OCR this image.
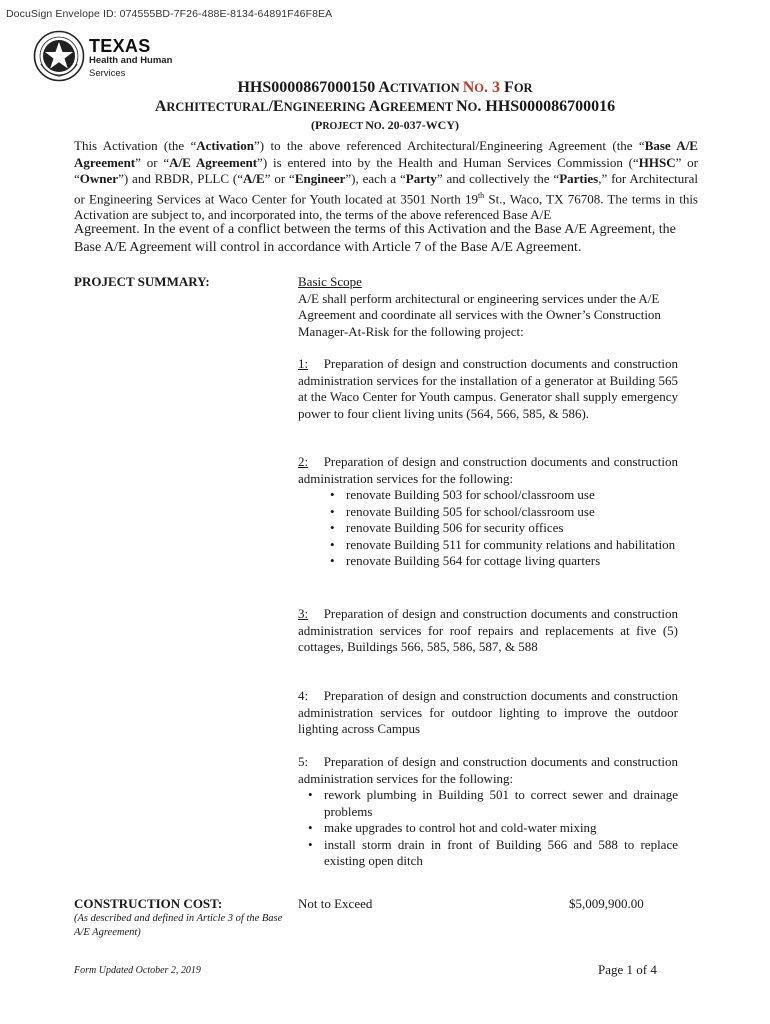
DocuSign Envelope ID: 074555BD-7F26-488E-8134-64891F46F8EA
TEXAS
Health and Human
Services
HHS0000867000150 ACTIVATION NO. 3 FOR
ARCHITECTURAL/ENGINEERING AGREEMENT NO. HHS000086700016
(PROJECT NO. 20-037-WCY)
This Activation (the “Activation”) to the above referenced Architectural/Engineering Agreement (the “Base A/E Agreement” or “A/E Agreement”) is entered into by the Health and Human Services Commission (“HHSC” or “Owner”) and RBDR, PLLC (“A/E” or “Engineer”), each a “Party” and collectively the “Parties,” for Architectural or Engineering Services at Waco Center for Youth located at 3501 North 19th St., Waco, TX 76708. The terms in this Activation are subject to, and incorporated into, the terms of the above referenced Base A/E
Agreement. In the event of a conflict between the terms of this Activation and the Base A/E Agreement, the Base A/E Agreement will control in accordance with Article 7 of the Base A/E Agreement.
PROJECT SUMMARY:	Basic Scope
A/E shall perform architectural or engineering services under the A/E Agreement and coordinate all services with the Owner’s Construction Manager-At-Risk for the following project:
1: Preparation of design and construction documents and construction administration services for the installation of a generator at Building 565 at the Waco Center for Youth campus. Generator shall supply emergency power to four client living units (564, 566, 585, & 586).
2: Preparation of design and construction documents and construction administration services for the following:
• renovate Building 503 for school/classroom use
• renovate Building 505 for school/classroom use
• renovate Building 506 for security offices
• renovate Building 511 for community relations and habilitation
• renovate Building 564 for cottage living quarters
3: Preparation of design and construction documents and construction administration services for roof repairs and replacements at five (5) cottages, Buildings 566, 585, 586, 587, & 588
4: Preparation of design and construction documents and construction administration services for outdoor lighting to improve the outdoor lighting across Campus
5: Preparation of design and construction documents and construction administration services for the following:
• rework plumbing in Building 501 to correct sewer and drainage problems
• make upgrades to control hot and cold-water mixing
• install storm drain in front of Building 566 and 588 to replace existing open ditch
CONSTRUCTION COST:
(As described and defined in Article 3 of the Base A/E Agreement)
Not to Exceed	$5,009,900.00
Form Updated October 2, 2019	Page 1 of 4
